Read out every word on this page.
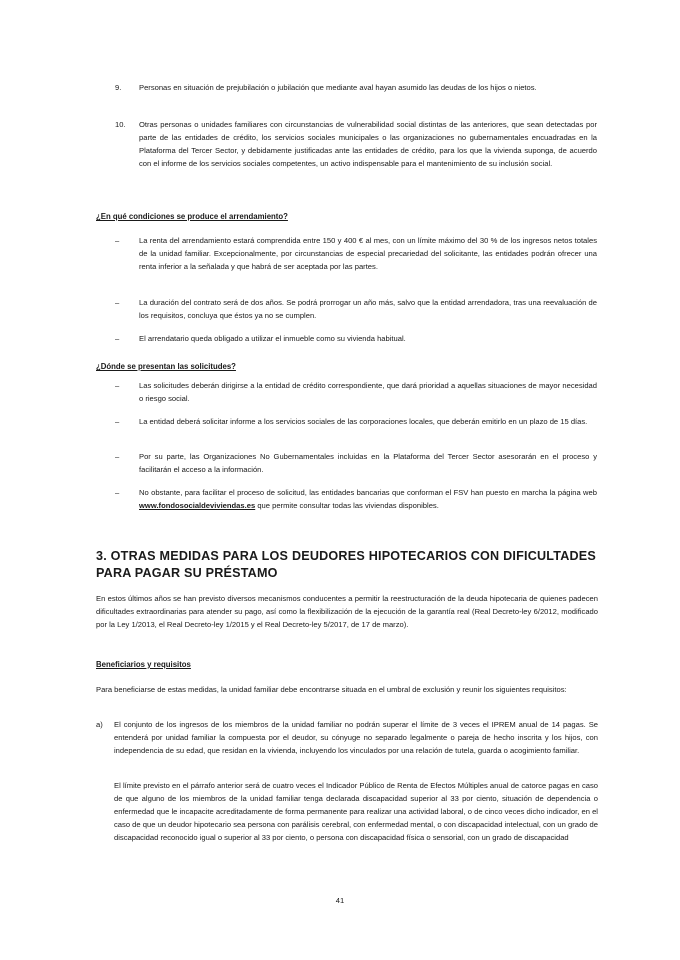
9. Personas en situación de prejubilación o jubilación que mediante aval hayan asumido las deudas de los hijos o nietos.

10. Otras personas o unidades familiares con circunstancias de vulnerabilidad social distintas de las anteriores, que sean detectadas por parte de las entidades de crédito, los servicios sociales municipales o las organizaciones no gubernamentales encuadradas en la Plataforma del Tercer Sector, y debidamente justificadas ante las entidades de crédito, para los que la vivienda suponga, de acuerdo con el informe de los servicios sociales competentes, un activo indispensable para el mantenimiento de su inclusión social.

¿En qué condiciones se produce el arrendamiento?

–	La renta del arrendamiento estará comprendida entre 150 y 400 € al mes, con un límite máximo del 30 % de los ingresos netos totales de la unidad familiar. Excepcionalmente, por circunstancias de especial precariedad del solicitante, las entidades podrán ofrecer una renta inferior a la señalada y que habrá de ser aceptada por las partes.

–	La duración del contrato será de dos años. Se podrá prorrogar un año más, salvo que la entidad arrendadora, tras una reevaluación de los requisitos, concluya que éstos ya no se cumplen.

–	El arrendatario queda obligado a utilizar el inmueble como su vivienda habitual.

¿Dónde se presentan las solicitudes?

–	Las solicitudes deberán dirigirse a la entidad de crédito correspondiente, que dará prioridad a aquellas situaciones de mayor necesidad o riesgo social.

–	La entidad deberá solicitar informe a los servicios sociales de las corporaciones locales, que deberán emitirlo en un plazo de 15 días.

–	Por su parte, las Organizaciones No Gubernamentales incluidas en la Plataforma del Tercer Sector asesorarán en el proceso y facilitarán el acceso a la información.

–	No obstante, para facilitar el proceso de solicitud, las entidades bancarias que conforman el FSV han puesto en marcha la página web www.fondosocialdeviviendas.es que permite consultar todas las viviendas disponibles.

3. OTRAS MEDIDAS PARA LOS DEUDORES HIPOTECARIOS CON DIFICULTADES PARA PAGAR SU PRÉSTAMO

En estos últimos años se han previsto diversos mecanismos conducentes a permitir la reestructuración de la deuda hipotecaria de quienes padecen dificultades extraordinarias para atender su pago, así como la flexibilización de la ejecución de la garantía real (Real Decreto-ley 6/2012, modificado por la Ley 1/2013, el Real Decreto-ley 1/2015 y el Real Decreto-ley 5/2017, de 17 de marzo).

Beneficiarios y requisitos

Para beneficiarse de estas medidas, la unidad familiar debe encontrarse situada en el umbral de exclusión y reunir los siguientes requisitos:

a) El conjunto de los ingresos de los miembros de la unidad familiar no podrán superar el límite de 3 veces el IPREM anual de 14 pagas. Se entenderá por unidad familiar la compuesta por el deudor, su cónyuge no separado legalmente o pareja de hecho inscrita y los hijos, con independencia de su edad, que residan en la vivienda, incluyendo los vinculados por una relación de tutela, guarda o acogimiento familiar.

El límite previsto en el párrafo anterior será de cuatro veces el Indicador Público de Renta de Efectos Múltiples anual de catorce pagas en caso de que alguno de los miembros de la unidad familiar tenga declarada discapacidad superior al 33 por ciento, situación de dependencia o enfermedad que le incapacite acreditadamente de forma permanente para realizar una actividad laboral, o de cinco veces dicho indicador, en el caso de que un deudor hipotecario sea persona con parálisis cerebral, con enfermedad mental, o con discapacidad intelectual, con un grado de discapacidad reconocido igual o superior al 33 por ciento, o persona con discapacidad física o sensorial, con un grado de discapacidad

41
